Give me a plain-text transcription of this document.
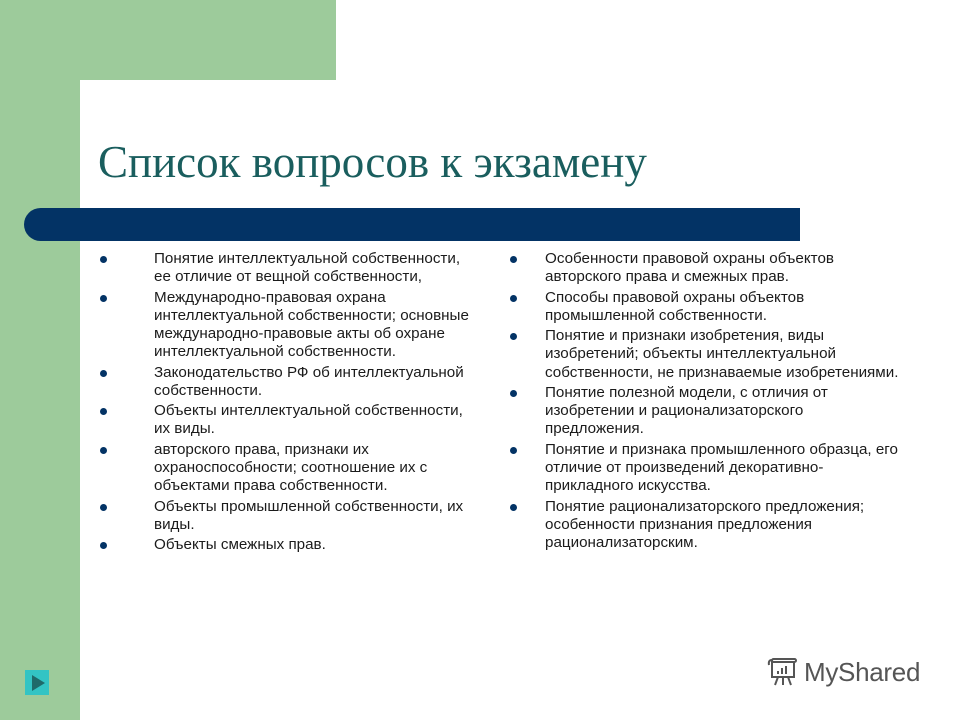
Список вопросов к экзамену
Понятие интеллектуальной собственности, ее отличие от вещной собственности,
Международно-правовая охрана интеллектуальной собственности; основные международно-правовые акты об охране интеллектуальной собственности.
Законодательство РФ об интеллектуальной собственности.
Объекты интеллектуальной собственности, их виды.
авторского права, признаки их охраноспособности; соотношение их с объектами права собственности.
Объекты промышленной собственности, их виды.
Объекты смежных прав.
Особенности правовой охраны объектов авторского права и смежных прав.
Способы правовой охраны объектов промышленной собственности.
Понятие и признаки изобретения, виды изобретений; объекты интеллектуальной собственности, не признаваемые изобретениями.
Понятие полезной модели, с отличия от изобретении и рационализаторского предложения.
Понятие и признака промышленного образца, его отличие от произведений декоративно-прикладного искусства.
Понятие рационализаторского предложения; особенности признания предложения рационализаторским.
MyShared
